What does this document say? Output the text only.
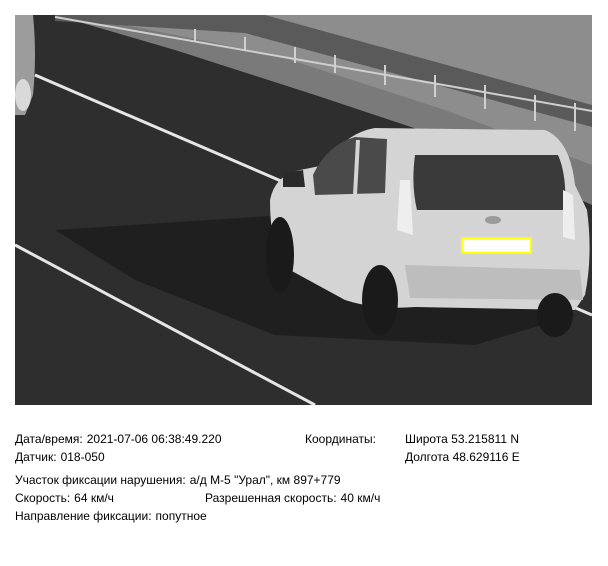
Дата/время: 2021-07-06 06:38:49.220	Координаты: Широта 53.215811 N
Датчик: 018-050	Долгота 48.629116 E
Участок фиксации нарушения: а/д М-5 "Урал", км 897+779
Скорость: 64 км/ч	Разрешенная скорость: 40 км/ч
Направление фиксации: попутное
